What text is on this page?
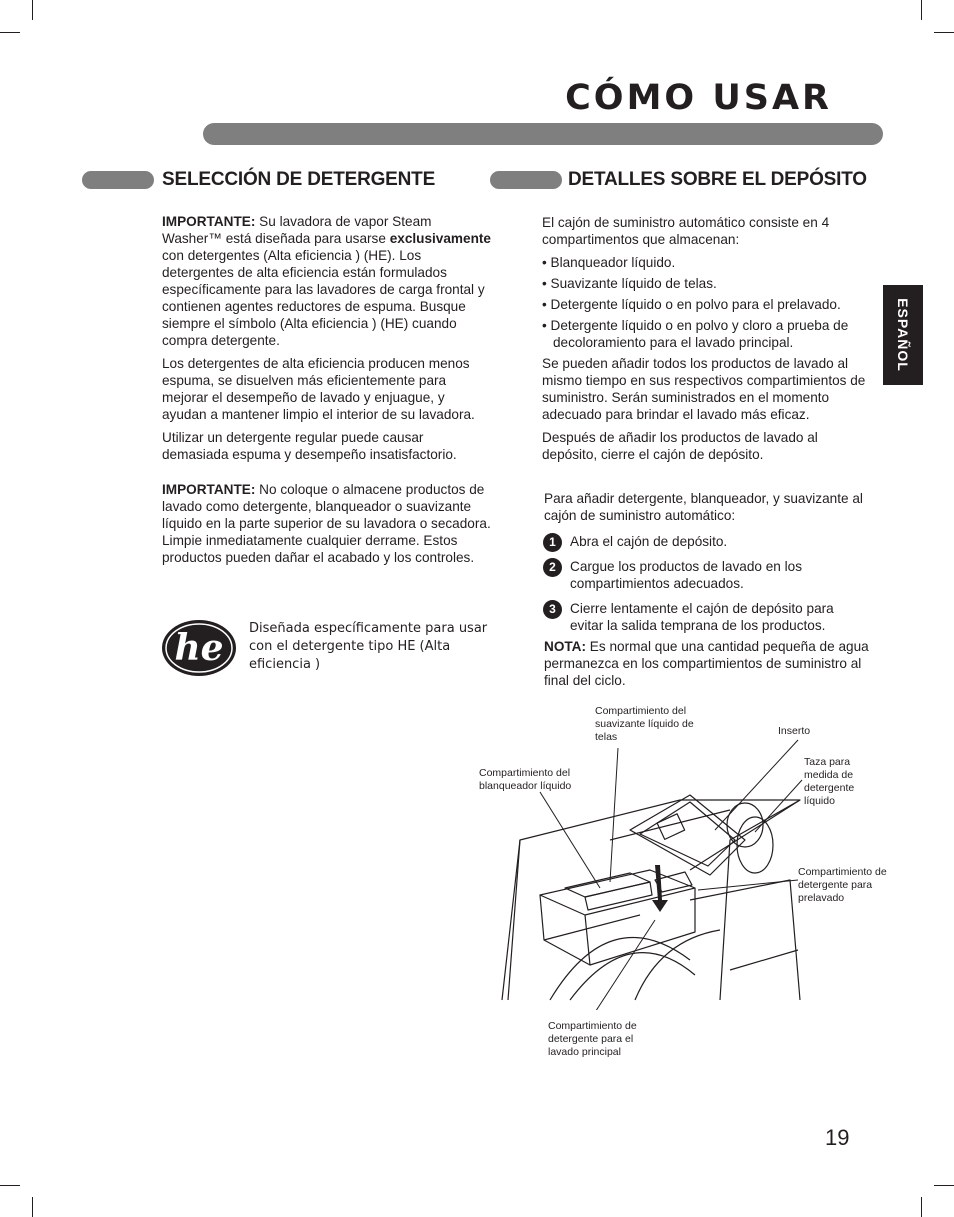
CÓMO USAR
ESPAÑOL
SELECCIÓN DE DETERGENTE

IMPORTANTE: Su lavadora de vapor Steam Washer™ está diseñada para usarse exclusivamente con detergentes (Alta eficiencia ) (HE). Los detergentes de alta eficiencia están formulados específicamente para las lavadores de carga frontal y contienen agentes reductores de espuma. Busque siempre el símbolo (Alta eficiencia ) (HE) cuando compra detergente.

Los detergentes de alta eficiencia producen menos espuma, se disuelven más eficientemente para mejorar el desempeño de lavado y enjuague, y ayudan a mantener limpio el interior de su lavadora.

Utilizar un detergente regular puede causar demasiada espuma y desempeño insatisfactorio.

IMPORTANTE: No coloque o almacene productos de lavado como detergente, blanqueador o suavizante líquido en la parte superior de su lavadora o secadora. Limpie inmediatamente cualquier derrame. Estos productos pueden dañar el acabado y los controles.

he Diseñada específicamente para usar con el detergente tipo HE (Alta eficiencia )
DETALLES SOBRE EL DEPÓSITO

El cajón de suministro automático consiste en 4 compartimentos que almacenan:

• Blanqueador líquido.
• Suavizante líquido de telas.
• Detergente líquido o en polvo para el prelavado.
• Detergente líquido o en polvo y cloro a prueba de decoloramiento para el lavado principal.

Se pueden añadir todos los productos de lavado al mismo tiempo en sus respectivos compartimientos de suministro. Serán suministrados en el momento adecuado para brindar el lavado más eficaz.

Después de añadir los productos de lavado al depósito, cierre el cajón de depósito.

Para añadir detergente, blanqueador, y suavizante al cajón de suministro automático:
1	Abra el cajón de depósito.
2	Cargue los productos de lavado en los compartimientos adecuados.
3	Cierre lentamente el cajón de depósito para evitar la salida temprana de los productos.
NOTA: Es normal que una cantidad pequeña de agua permanezca en los compartimientos de suministro al final del ciclo.
Compartimiento del suavizante líquido de telas	Inserto
Compartimiento del blanqueador líquido
Taza para medida de detergente líquido
Compartimiento de detergente para prelavado
Compartimiento de detergente para el lavado principal
19
